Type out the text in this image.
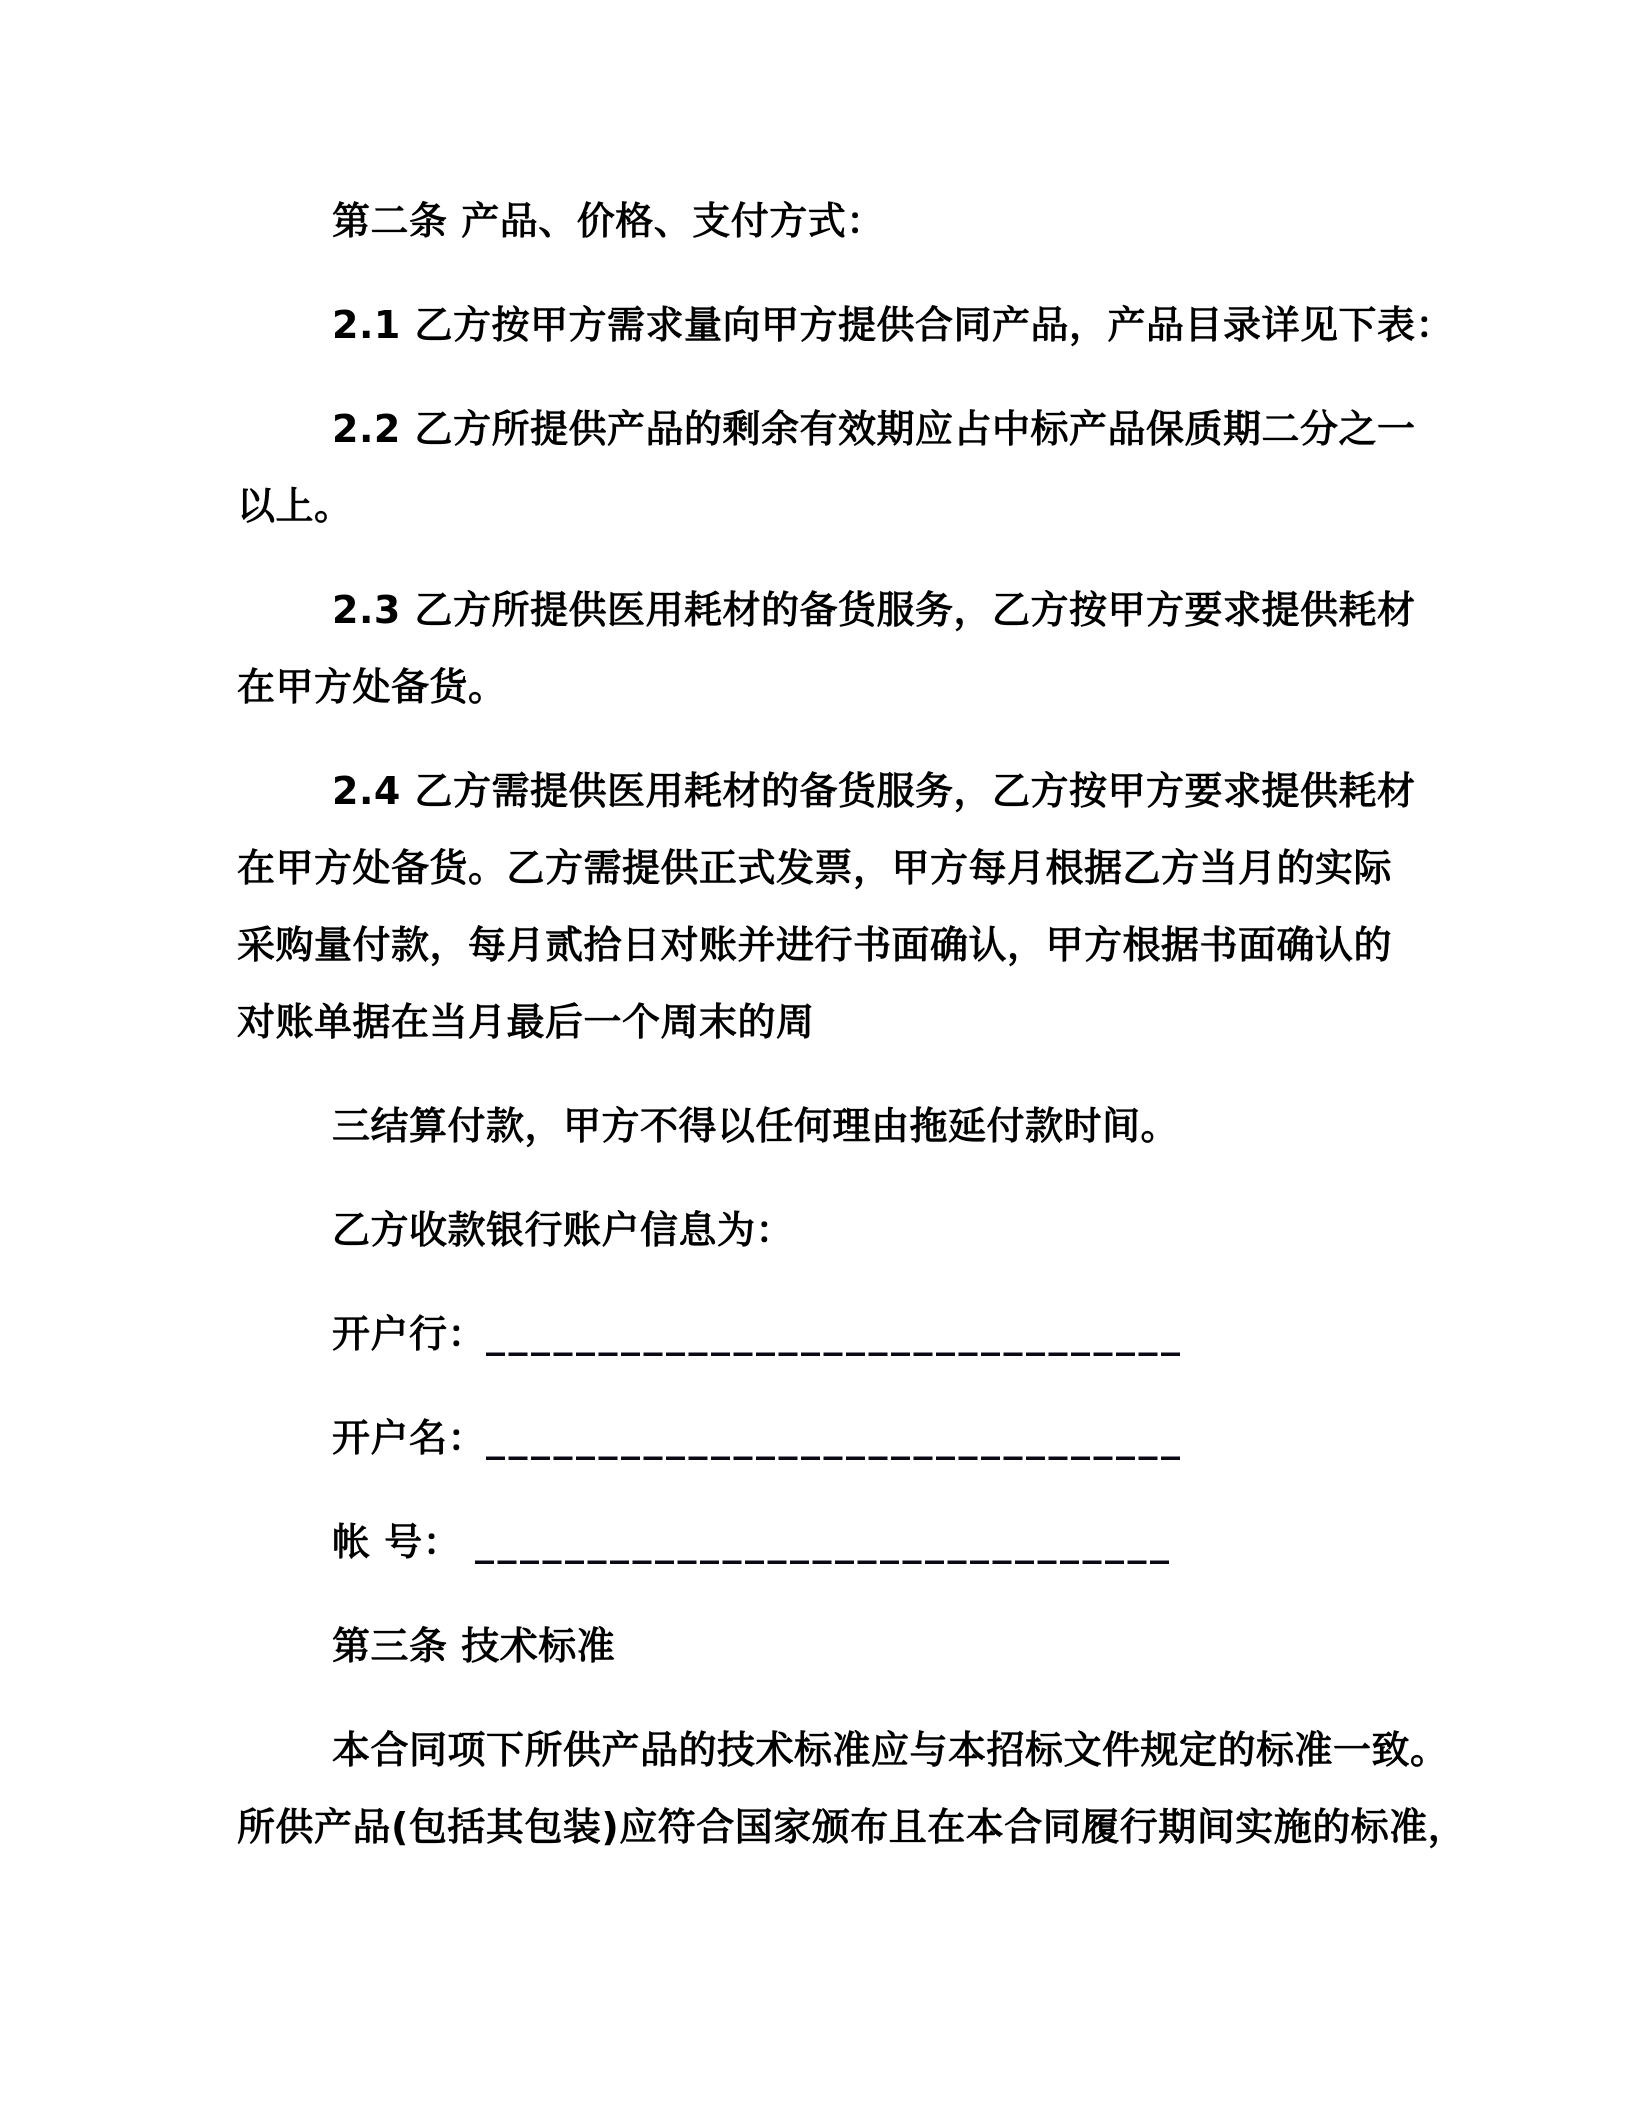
第二条 产品、价格、支付方式：
2.1 乙方按甲方需求量向甲方提供合同产品，产品目录详见下表：
2.2 乙方所提供产品的剩余有效期应占中标产品保质期二分之一
以上。
2.3 乙方所提供医用耗材的备货服务，乙方按甲方要求提供耗材
在甲方处备货。
2.4 乙方需提供医用耗材的备货服务，乙方按甲方要求提供耗材
在甲方处备货。乙方需提供正式发票，甲方每月根据乙方当月的实际
采购量付款，每月贰拾日对账并进行书面确认，甲方根据书面确认的
对账单据在当月最后一个周末的周
三结算付款，甲方不得以任何理由拖延付款时间。
乙方收款银行账户信息为：
开户行：_______________________________
开户名：_______________________________
帐 号： _______________________________
第三条 技术标准
本合同项下所供产品的技术标准应与本招标文件规定的标准一致。
所供产品(包括其包装)应符合国家颁布且在本合同履行期间实施的标准，
